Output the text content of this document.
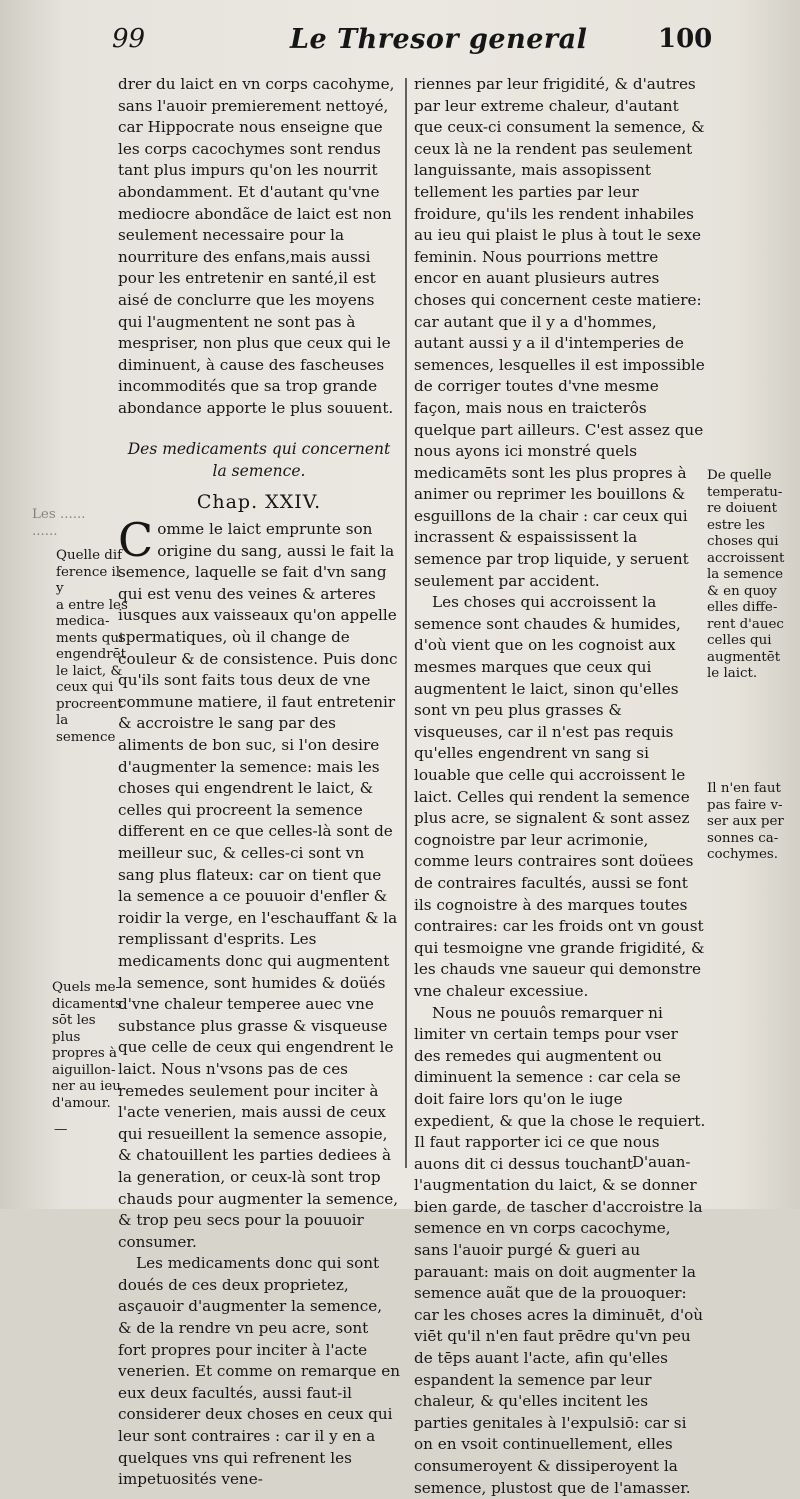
99	Le Thresor general	100

drer du laict en vn corps cacohyme, sans l'auoir premierement nettoyé, car Hippocrate nous enseigne que les corps cacochymes sont rendus tant plus impurs qu'on les nourrit abondamment. Et d'autant qu'vne mediocre abondãce de laict est non seulement necessaire pour la nourriture des enfans,mais aussi pour les entretenir en santé,il est aisé de conclurre que les moyens qui l'augmentent ne sont pas à mespriser, non plus que ceux qui le diminuent, à cause des fascheuses incommodités que sa trop grande abondance apporte le plus souuent.

Des medicaments qui concernent
la semence.
Chap. XXIV.

Comme le laict emprunte son origine du sang, aussi le fait la semence, laquelle se fait d'vn sang qui est venu des veines & arteres iusques aux vaisseaux qu'on appelle spermatiques, où il change de couleur & de consistence. Puis donc qu'ils sont faits tous deux de vne commune matiere, il faut entretenir & accroistre le sang par des aliments de bon suc, si l'on desire d'augmenter la semence: mais les choses qui engendrent le laict, & celles qui procreent la semence different en ce que celles-là sont de meilleur suc, & celles-ci sont vn sang plus flateux: car on tient que la semence a ce pouuoir d'enfler & roidir la verge, en l'eschauffant & la remplissant d'esprits. Les medicaments donc qui augmentent la semence, sont humides & doüés d'vne chaleur temperee auec vne substance plus grasse & visqueuse que celle de ceux qui engendrent le laict. Nous n'vsons pas de ces remedes seulement pour inciter à l'acte venerien, mais aussi de ceux qui resueillent la semence assopie, & chatouillent les parties dediees à la generation, or ceux-là sont trop chauds pour augmenter la semence, & trop peu secs pour la pouuoir consumer.

Les medicaments donc qui sont doués de ces deux proprietez, asçauoir d'augmenter la semence, & de la rendre vn peu acre, sont fort propres pour inciter à l'acte venerien. Et comme on remarque en eux deux facultés, aussi faut-il considerer deux choses en ceux qui leur sont contraires : car il y en a quelques vns qui refrenent les impetuosités vene-

riennes par leur frigidité, & d'autres par leur extreme chaleur, d'autant que ceux-ci consument la semence, & ceux là ne la rendent pas seulement languissante, mais assopissent tellement les parties par leur froidure, qu'ils les rendent inhabiles au ieu qui plaist le plus à tout le sexe feminin. Nous pourrions mettre encor en auant plusieurs autres choses qui concernent ceste matiere: car autant que il y a d'hommes, autant aussi y a il d'intemperies de semences, lesquelles il est impossible de corriger toutes d'vne mesme façon, mais nous en traicterôs quelque part ailleurs. C'est assez que nous ayons ici monstré quels medicamēts sont les plus propres à animer ou reprimer les bouillons & esguillons de la chair : car ceux qui incrassent & espaississent la semence par trop liquide, y seruent seulement par accident.

Les choses qui accroissent la semence sont chaudes & humides, d'où vient que on les cognoist aux mesmes marques que ceux qui augmentent le laict, sinon qu'elles sont vn peu plus grasses & visqueuses, car il n'est pas requis qu'elles engendrent vn sang si louable que celle qui accroissent le laict. Celles qui rendent la semence plus acre, se signalent & sont assez cognoistre par leur acrimonie, comme leurs contraires sont doüees de contraires facultés, aussi se font ils cognoistre à des marques toutes contraires: car les froids ont vn goust qui tesmoigne vne grande frigidité, & les chauds vne saueur qui demonstre vne chaleur excessiue.

Nous ne pouuôs remarquer ni limiter vn certain temps pour vser des remedes qui augmentent ou diminuent la semence : car cela se doit faire lors qu'on le iuge expedient, & que la chose le requiert. Il faut rapporter ici ce que nous auons dit ci dessus touchant l'augmentation du laict, & se donner bien garde, de tascher d'accroistre la semence en vn corps cacochyme, sans l'auoir purgé & gueri au parauant: mais on doit augmenter la semence auãt que de la prouoquer: car les choses acres la diminuēt, d'où viēt qu'il n'en faut prēdre qu'vn peu de tēps auant l'acte, afin qu'elles espandent la semence par leur chaleur, & qu'elles incitent les parties genitales à l'expulsiō: car si on en vsoit continuellement, elles consumeroyent & dissiperoyent la semence, plustost que de l'amasser.

Les ......
......
Quelle dif
ference il y
a entre les
medica-
ments qui
engendrēt
le laict, &
ceux qui
procreent
la semence
Quels me-
dicaments
sōt les plus
propres à
aiguillon-
ner au ieu
d'amour.
—
De quelle
temperatu-
re doiuent
estre les
choses qui
accroissent
la semence
& en quoy
elles diffe-
rent d'auec
celles qui
augmentēt
le laict.
Il n'en faut
pas faire v-
ser aux per
sonnes ca-
cochymes.
D'auan-
